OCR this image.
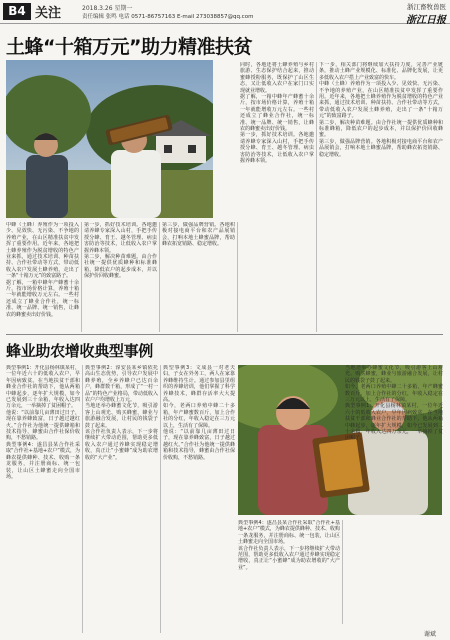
B4 关注	2018.3.26 星期一
责任编辑 张鸣 电话 0571-86757163 E-mail 273038857@qq.com
浙江畜牧兽医
浙江日报
土蜂“十箱万元”助力精准扶贫
中蜂（土蜂）养殖作为一项投入少、见效快、无污染、不争地的养殖产业，在山区精准扶贫中发挥了重要作用。近年来，各地把土蜂养殖作为脱贫增收的特色产业来抓，通过技术培训、种苗扶持、合作社带动等方式，带动低收入农户发展土蜂养殖，走出了一条“十箱万元”的致富路子。
据了解，一箱中蜂年产蜂蜜十余斤，按市场价格计算，养殖十箱一年就能增收万元左右。一些村还成立了蜂业合作社，统一标准、统一品牌、统一销售，让蜂农的蜂蜜卖出好价钱。
第一步，抓好技术培训。各地邀请养蜂专家深入山村，手把手传授分蜂、育王、越冬管理、病虫害防治等技术，让低收入农户掌握养蜂本领。
第二步，解决种苗难题。由合作社统一提供优质蜂种和标准蜂箱，降低农户的起步成本，并以保护价回收蜂蜜。
第三步，做强品牌营销。各地积极对接电商平台和农产品展销会，打响本地土蜂蜜品牌，帮助蜂农拓宽销路、稳定增收。
同时，各地还将土蜂养殖与乡村旅游、生态保护结合起来，推动蜜蜂授粉服务，既保护了山区生态，又让低收入农户在家门口实现就业增收。
据了解，一箱中蜂年产蜂蜜十余斤，按市场价格计算，养殖十箱一年就能增收万元左右。一些村还成立了蜂业合作社，统一标准、统一品牌、统一销售，让蜂农的蜂蜜卖出好价钱。
第一步，抓好技术培训。各地邀请养蜂专家深入山村，手把手传授分蜂、育王、越冬管理、病虫害防治等技术，让低收入农户掌握养蜂本领。
下一步，相关部门将继续加大扶持力度，完善产业链条，推动土蜂产业规模化、标准化、品牌化发展，让更多低收入农户搭上产业致富的快车。
中蜂（土蜂）养殖作为一项投入少、见效快、无污染、不争地的养殖产业，在山区精准扶贫中发挥了重要作用。近年来，各地把土蜂养殖作为脱贫增收的特色产业来抓，通过技术培训、种苗扶持、合作社带动等方式，带动低收入农户发展土蜂养殖，走出了一条“十箱万元”的致富路子。
第二步，解决种苗难题。由合作社统一提供优质蜂种和标准蜂箱，降低农户的起步成本，并以保护价回收蜂蜜。
第三步，做强品牌营销。各地积极对接电商平台和农产品展销会，打响本地土蜂蜜品牌，帮助蜂农拓宽销路、稳定增收。
蜂业助农增收典型事例
典型事例1：开化县杨林镇某村，一位年近六十的低收入农户，早年因病致贫。在当地扶贫干部和蜂业合作社的帮助下，他从两箱中蜂起步，逐年扩大规模，如今已发展到三十余箱，年收入达四万余元，一举摘掉了贫困帽子。
他说：“以前靠几亩薄田过日子，现在靠养蜂致富，日子越过越红火。”合作社为他统一提供蜂箱和技术指导，蜂蜜由合作社保价收购，不愁销路。
典型事例4：遂昌县某合作社采取“合作社+基地+农户”模式，为蜂农提供蜂种、技术、收购一条龙服务，并注册商标、统一包装，让山区土蜂蜜走向全国市场。
典型事例2：淳安县某乡镇依托高山生态优势，引导农户发展中蜂养殖，全乡养蜂户已达百余户，蜂群数千箱，形成了“一村一品”的特色产业格局，带动低收入农户户均增收上万元。
当地还举办蜂蜜文化节，吸引游客上山观光、购买蜂蜜，蜂业与旅游融合发展，让村民的钱袋子鼓了起来。
该合作社负责人表示，下一步将继续扩大带动范围，帮助更多低收入农户通过养蜂实现稳定增收，真正让“小蜜蜂”成为助农增收的“大产业”。
典型事例3：文成县一对老夫妇，子女在外务工，两人在家靠养蜂维持生计。通过参加县里组织的养蜂培训，他们掌握了科学养蜂技术，蜂群存活率大大提高。
如今，老两口养殖中蜂二十多箱，年产蜂蜜数百斤，加上合作社的分红，年收入稳定在三万元以上，生活有了保障。
他说：“以前靠几亩薄田过日子，现在靠养蜂致富，日子越过越红火。”合作社为他统一提供蜂箱和技术指导，蜂蜜由合作社保价收购，不愁销路。
典型事例4：遂昌县某合作社采取“合作社+基地+农户”模式，为蜂农提供蜂种、技术、收购一条龙服务，并注册商标、统一包装，让山区土蜂蜜走向全国市场。
该合作社负责人表示，下一步将继续扩大带动范围，帮助更多低收入农户通过养蜂实现稳定增收，真正让“小蜜蜂”成为助农增收的“大产业”。
当地还举办蜂蜜文化节，吸引游客上山观光、购买蜂蜜，蜂业与旅游融合发展，让村民的钱袋子鼓了起来。
如今，老两口养殖中蜂二十多箱，年产蜂蜜数百斤，加上合作社的分红，年收入稳定在三万元以上，生活有了保障。
典型事例1：开化县杨林镇某村，一位年近六十的低收入农户，早年因病致贫。在当地扶贫干部和蜂业合作社的帮助下，他从两箱中蜂起步，逐年扩大规模，如今已发展到三十余箱，年收入达四万余元，一举摘掉了贫困帽子。
谢斌
